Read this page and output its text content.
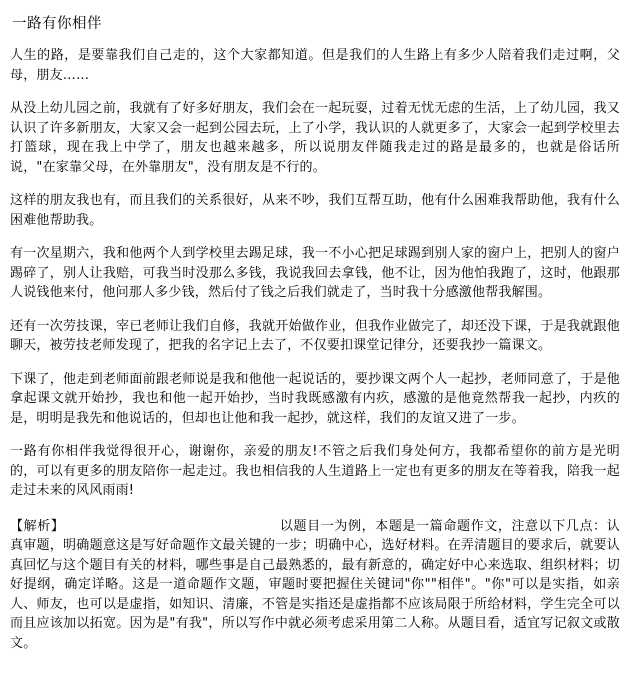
一路有你相伴

人生的路，是要靠我们自己走的，这个大家都知道。但是我们的人生路上有多少人陪着我们走过啊，父母，朋友……

从没上幼儿园之前，我就有了好多好朋友，我们会在一起玩耍，过着无忧无虑的生活，上了幼儿园，我又认识了许多新朋友，大家又会一起到公园去玩，上了小学，我认识的人就更多了，大家会一起到学校里去打篮球，现在我上中学了，朋友也越来越多，所以说朋友伴随我走过的路是最多的，也就是俗话所说，"在家靠父母，在外靠朋友"，没有朋友是不行的。

这样的朋友我也有，而且我们的关系很好，从来不吵，我们互帮互助，他有什么困难我帮助他，我有什么困难他帮助我。

有一次星期六，我和他两个人到学校里去踢足球，我一不小心把足球踢到别人家的窗户上，把别人的窗户踢碎了，别人让我赔，可我当时没那么多钱，我说我回去拿钱，他不让，因为他怕我跑了，这时，他跟那人说钱他来付，他问那人多少钱，然后付了钱之后我们就走了，当时我十分感激他帮我解围。

还有一次劳技课，宰已老师让我们自修，我就开始做作业，但我作业做完了，却还没下课，于是我就跟他聊天，被劳技老师发现了，把我的名字记上去了，不仅要扣课堂记律分，还要我抄一篇课文。

下课了，他走到老师面前跟老师说是我和他他一起说话的，要抄课文两个人一起抄，老师同意了，于是他拿起课文就开始抄，我也和他一起开始抄，当时我既感激有内疚，感激的是他竟然帮我一起抄，内疚的是，明明是我先和他说话的，但却也让他和我一起抄，就这样，我们的友谊又进了一步。

一路有你相伴我觉得很开心，谢谢你，亲爱的朋友!不管之后我们身处何方，我都希望你的前方是光明的，可以有更多的朋友陪你一起走过。我也相信我的人生道路上一定也有更多的朋友在等着我，陪我一起走过未来的风风雨雨!

【解析】	以题目一为例，本题是一篇命题作文，注意以下几点：认真审题，明确题意这是写好命题作文最关键的一步；明确中心，选好材料。在弄清题目的要求后，就要认真回忆与这个题目有关的材料，哪些事是自己最熟悉的，最有新意的，确定好中心来选取、组织材料；切好提纲，确定详略。这是一道命题作文题，审题时要把握住关键词"你""相伴"。"你"可以是实指，如亲人、师友，也可以是虚指，如知识、清廉，不管是实指还是虚指都不应该局限于所给材料，学生完全可以而且应该加以拓宽。因为是"有我"，所以写作中就必须考虑采用第二人称。从题目看，适宜写记叙文或散文。
